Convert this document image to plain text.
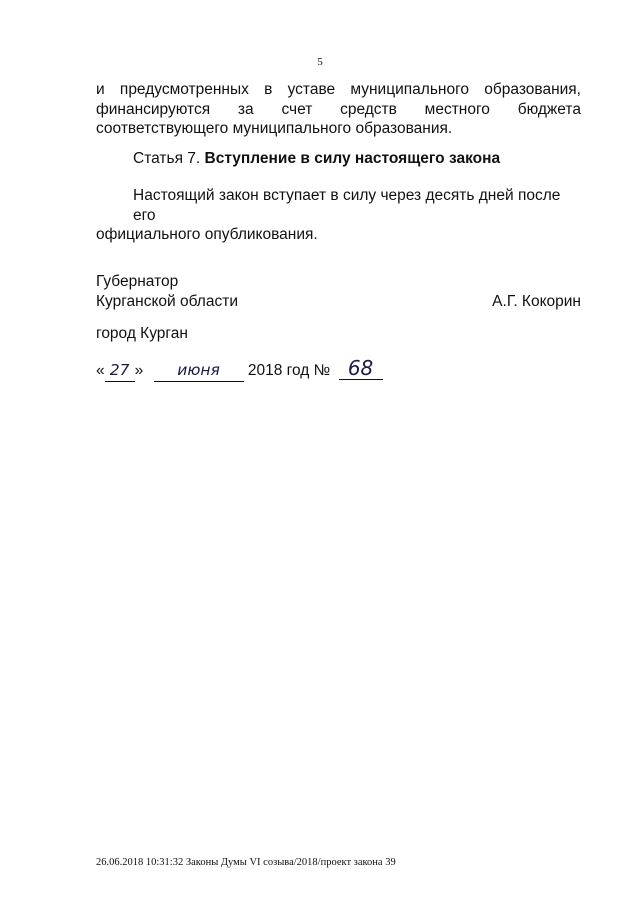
5
и предусмотренных в уставе муниципального образования,
финансируются за счет средств местного бюджета
соответствующего муниципального образования.
Статья 7. Вступление в силу настоящего закона
Настоящий закон вступает в силу через десять дней после его
официального опубликования.
Губернатор
Курганской области	А.Г. Кокорин
город Курган
« 27 » июня 2018 год № 68
26.06.2018 10:31:32 Законы Думы VI созыва/2018/проект закона 39
